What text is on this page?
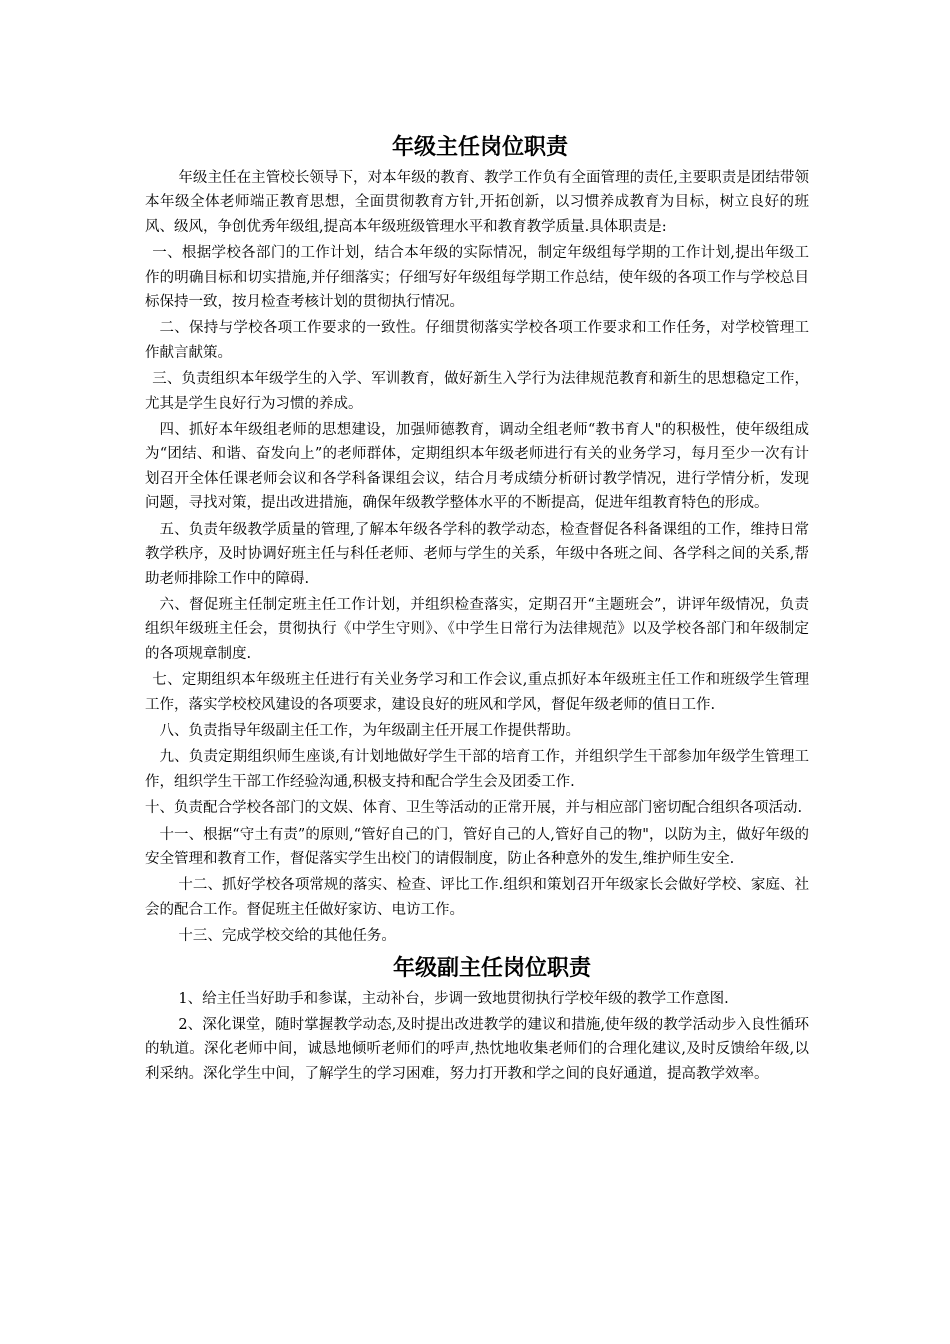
年级主任岗位职责

年级主任在主管校长领导下，对本年级的教育、教学工作负有全面管理的责任,主要职责是团结带领本年级全体老师端正教育思想，全面贯彻教育方针,开拓创新，以习惯养成教育为目标，树立良好的班风、级风，争创优秀年级组,提高本年级班级管理水平和教育教学质量.具体职责是:

一、根据学校各部门的工作计划，结合本年级的实际情况，制定年级组每学期的工作计划,提出年级工作的明确目标和切实措施,并仔细落实；仔细写好年级组每学期工作总结，使年级的各项工作与学校总目标保持一致，按月检查考核计划的贯彻执行情况。

二、保持与学校各项工作要求的一致性。仔细贯彻落实学校各项工作要求和工作任务，对学校管理工作献言献策。

三、负责组织本年级学生的入学、军训教育，做好新生入学行为法律规范教育和新生的思想稳定工作，尤其是学生良好行为习惯的养成。

四、抓好本年级组老师的思想建设，加强师德教育，调动全组老师“教书育人"的积极性，使年级组成为“团结、和谐、奋发向上”的老师群体，定期组织本年级老师进行有关的业务学习，每月至少一次有计划召开全体任课老师会议和各学科备课组会议，结合月考成绩分析研讨教学情况，进行学情分析，发现问题，寻找对策，提出改进措施，确保年级教学整体水平的不断提高，促进年组教育特色的形成。

五、负责年级教学质量的管理,了解本年级各学科的教学动态，检查督促各科备课组的工作，维持日常教学秩序，及时协调好班主任与科任老师、老师与学生的关系，年级中各班之间、各学科之间的关系,帮助老师排除工作中的障碍.

六、督促班主任制定班主任工作计划，并组织检查落实，定期召开“主题班会”，讲评年级情况，负责组织年级班主任会，贯彻执行《中学生守则》、《中学生日常行为法律规范》以及学校各部门和年级制定的各项规章制度.

七、定期组织本年级班主任进行有关业务学习和工作会议,重点抓好本年级班主任工作和班级学生管理工作，落实学校校风建设的各项要求，建设良好的班风和学风，督促年级老师的值日工作.

八、负责指导年级副主任工作，为年级副主任开展工作提供帮助。

九、负责定期组织师生座谈,有计划地做好学生干部的培育工作，并组织学生干部参加年级学生管理工作，组织学生干部工作经验沟通,积极支持和配合学生会及团委工作.

十、负责配合学校各部门的文娱、体育、卫生等活动的正常开展，并与相应部门密切配合组织各项活动.

十一、根据“守土有责”的原则,“管好自己的门，管好自己的人,管好自己的物"，以防为主，做好年级的安全管理和教育工作，督促落实学生出校门的请假制度，防止各种意外的发生,维护师生安全.

十二、抓好学校各项常规的落实、检查、评比工作.组织和策划召开年级家长会做好学校、家庭、社会的配合工作。督促班主任做好家访、电访工作。

十三、完成学校交给的其他任务。

年级副主任岗位职责

1、给主任当好助手和参谋，主动补台，步调一致地贯彻执行学校年级的教学工作意图.

2、深化课堂，随时掌握教学动态,及时提出改进教学的建议和措施,使年级的教学活动步入良性循环的轨道。深化老师中间，诚恳地倾听老师们的呼声,热忱地收集老师们的合理化建议,及时反馈给年级,以利采纳。深化学生中间，了解学生的学习困难，努力打开教和学之间的良好通道，提高教学效率。
